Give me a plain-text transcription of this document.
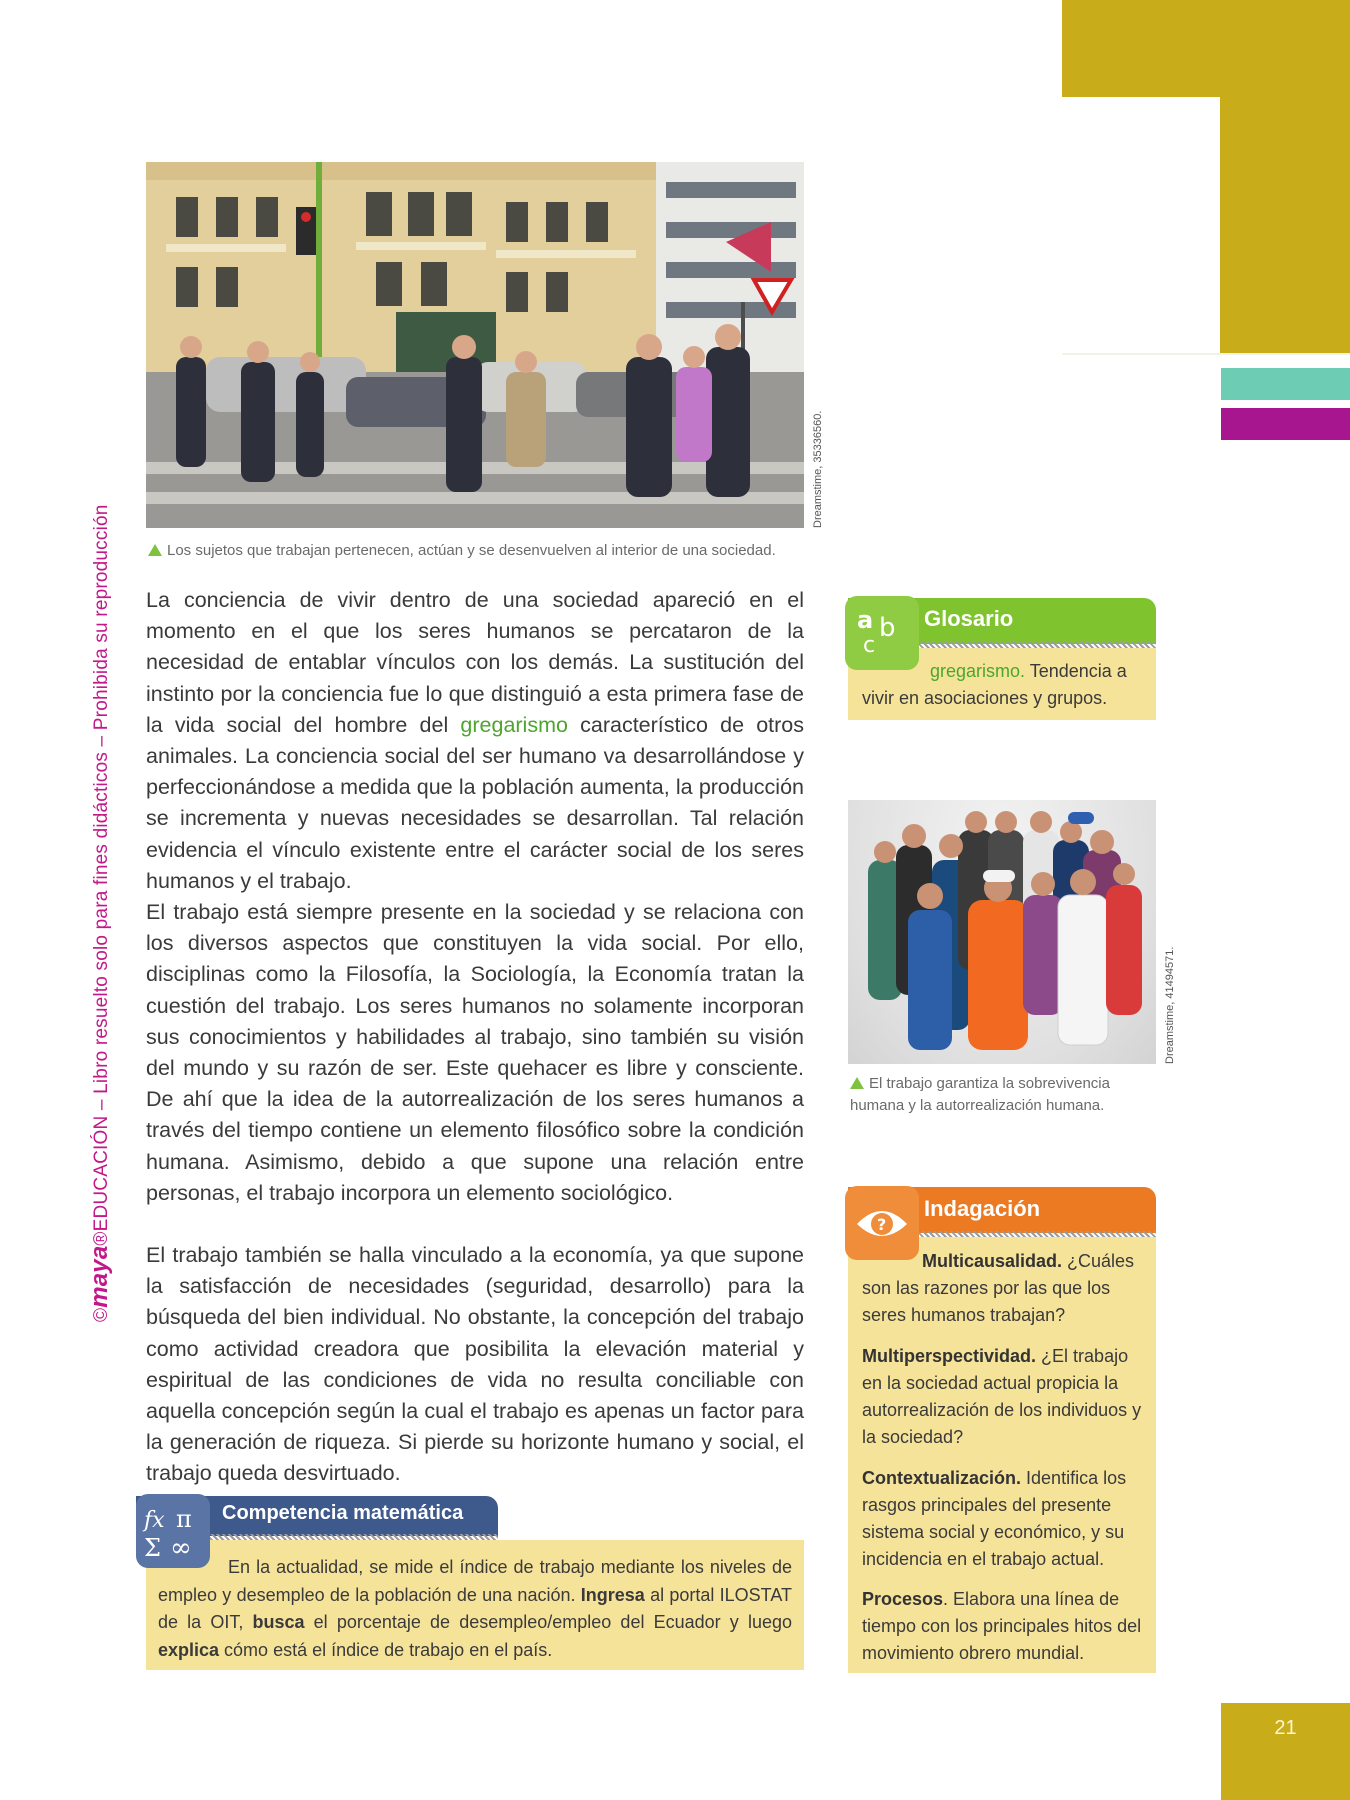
©maya®EDUCACIÓN – Libro resuelto solo para fines didácticos – Prohibida su reproducción
Dreamstime, 35336560.
Los sujetos que trabajan pertenecen, actúan y se desenvuelven al interior de una sociedad.
La conciencia de vivir dentro de una sociedad apareció en el momento en el que los seres humanos se percataron de la necesidad de entablar vínculos con los demás. La sustitución del instinto por la conciencia fue lo que distinguió a esta primera fase de la vida social del hombre del gregarismo característico de otros animales. La conciencia social del ser humano va desarrollándose y perfeccionándose a medida que la población aumenta, la producción se incrementa y nuevas necesidades se desarrollan. Tal relación evidencia el vínculo existente entre el carácter social de los seres humanos y el trabajo.
El trabajo está siempre presente en la sociedad y se relaciona con los diversos aspectos que constituyen la vida social. Por ello, disciplinas como la Filosofía, la Sociología, la Economía tratan la cuestión del trabajo. Los seres humanos no solamente incorporan sus conocimientos y habilidades al trabajo, sino también su visión del mundo y su razón de ser. Este quehacer es libre y consciente. De ahí que la idea de la autorrealización de los seres humanos a través del tiempo contiene un elemento filosófico sobre la condición humana. Asimismo, debido a que supone una relación entre personas, el trabajo incorpora un elemento sociológico.
El trabajo también se halla vinculado a la economía, ya que supone la satisfacción de necesidades (seguridad, desarrollo) para la búsqueda del bien individual. No obstante, la concepción del trabajo como actividad creadora que posibilita la elevación material y espiritual de las condiciones de vida no resulta conciliable con aquella concepción según la cual el trabajo es apenas un factor para la generación de riqueza. Si pierde su horizonte humano y social, el trabajo queda desvirtuado.
a b
c
Glosario
gregarismo. Tendencia a vivir en asociaciones y grupos.
Dreamstime, 41494571.
El trabajo garantiza la sobrevivencia humana y la autorrealización humana.
?
Indagación
Multicausalidad. ¿Cuáles son las razones por las que los seres humanos trabajan?
Multiperspectividad. ¿El trabajo en la sociedad actual propicia la autorrealización de los individuos y la sociedad?
Contextualización. Identifica los rasgos principales del presente sistema social y económico, y su incidencia en el trabajo actual.
Procesos. Elabora una línea de tiempo con los principales hitos del movimiento obrero mundial.
fx π
Σ ∞
Competencia matemática
En la actualidad, se mide el índice de trabajo mediante los niveles de empleo y desempleo de la población de una nación. Ingresa al portal ILOSTAT de la OIT, busca el porcentaje de desempleo/empleo del Ecuador y luego explica cómo está el índice de trabajo en el país.
21
